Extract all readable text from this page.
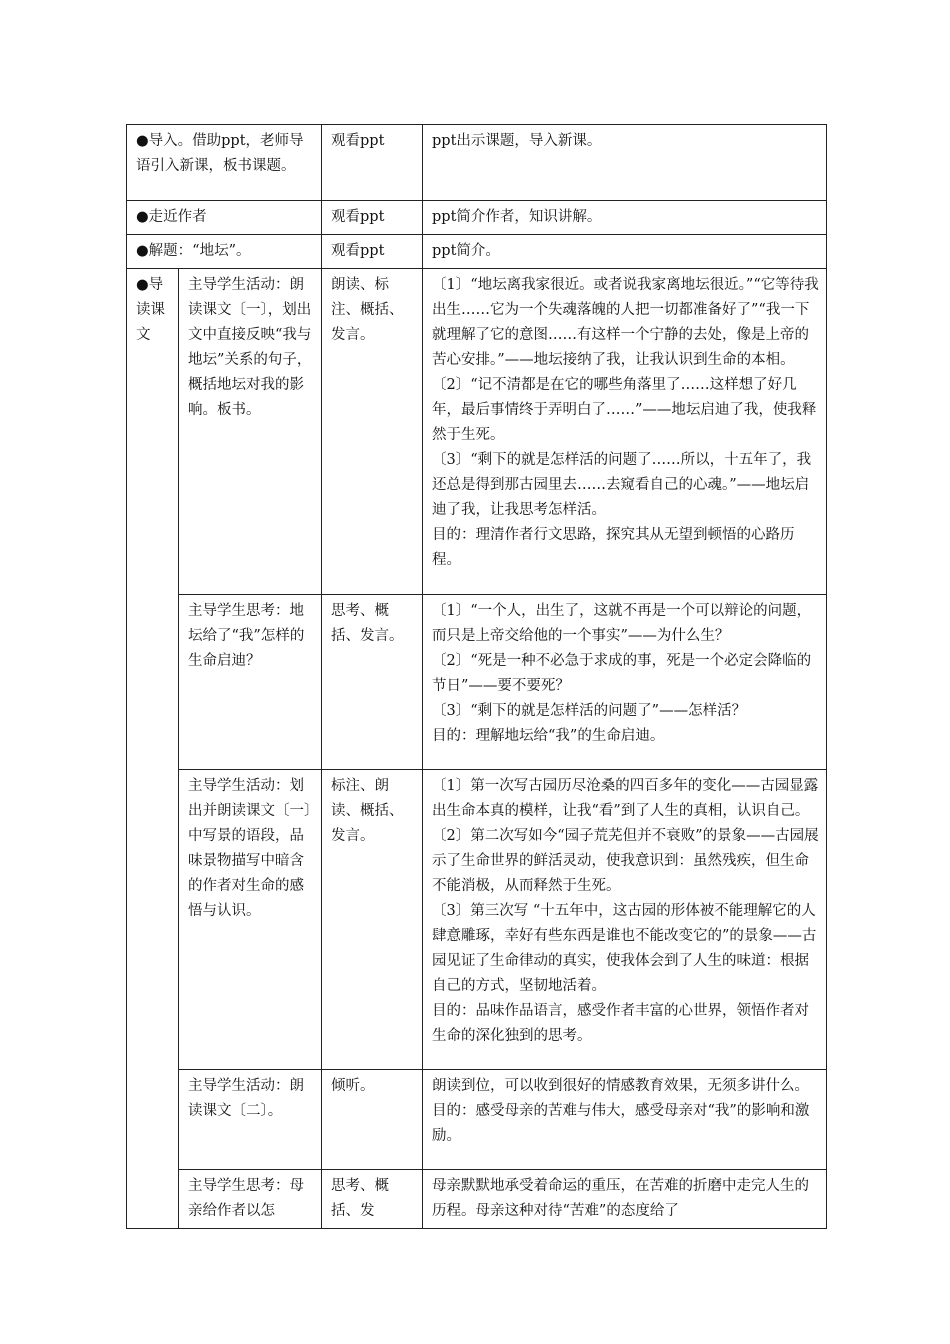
●导入。借助ppt，老师导语引入新课，板书课题。		观看ppt	ppt出示课题，导入新课。
●走近作者		观看ppt	ppt简介作者，知识讲解。
●解题：“地坛”。		观看ppt	ppt简介。
●导读课文	主导学生活动：朗读课文〔一〕，划出文中直接反映“我与地坛”关系的句子，概括地坛对我的影响。板书。	朗读、标注、概括、发言。	〔1〕“地坛离我家很近。或者说我家离地坛很近。”“它等待我出生……它为一个失魂落魄的人把一切都准备好了”“我一下就理解了它的意图……有这样一个宁静的去处，像是上帝的苦心安排。”——地坛接纳了我，让我认识到生命的本相。
〔2〕“记不清都是在它的哪些角落里了……这样想了好几年，最后事情终于弄明白了……”——地坛启迪了我，使我释然于生死。
〔3〕“剩下的就是怎样活的问题了……所以，十五年了，我还总是得到那古园里去……去窥看自己的心魂。”——地坛启迪了我，让我思考怎样活。
目的：理清作者行文思路，探究其从无望到顿悟的心路历程。

	主导学生思考：地坛给了“我”怎样的生命启迪？	思考、概括、发言。	〔1〕“一个人，出生了，这就不再是一个可以辩论的问题，而只是上帝交给他的一个事实”——为什么生？
〔2〕“死是一种不必急于求成的事，死是一个必定会降临的节日”——要不要死？
〔3〕“剩下的就是怎样活的问题了”——怎样活？
目的：理解地坛给“我”的生命启迪。

	主导学生活动：划出并朗读课文〔一〕中写景的语段，品味景物描写中暗含的作者对生命的感悟与认识。	标注、朗读、概括、发言。	〔1〕第一次写古园历尽沧桑的四百多年的变化——古园显露出生命本真的模样，让我“看”到了人生的真相，认识自己。
〔2〕第二次写如今“园子荒芜但并不衰败”的景象——古园展示了生命世界的鲜活灵动，使我意识到：虽然残疾，但生命不能消极，从而释然于生死。
〔3〕第三次写 “十五年中，这古园的形体被不能理解它的人肆意雕琢，幸好有些东西是谁也不能改变它的”的景象——古园见证了生命律动的真实，使我体会到了人生的味道：根据自己的方式，坚韧地活着。
目的：品味作品语言，感受作者丰富的心世界，领悟作者对生命的深化独到的思考。

	主导学生活动：朗读课文〔二〕。	倾听。	朗读到位，可以收到很好的情感教育效果，无须多讲什么。
目的：感受母亲的苦难与伟大，感受母亲对“我”的影响和激励。

	主导学生思考：母亲给作者以怎	思考、概括、发	母亲默默地承受着命运的重压，在苦难的折磨中走完人生的历程。母亲这种对待“苦难”的态度给了
